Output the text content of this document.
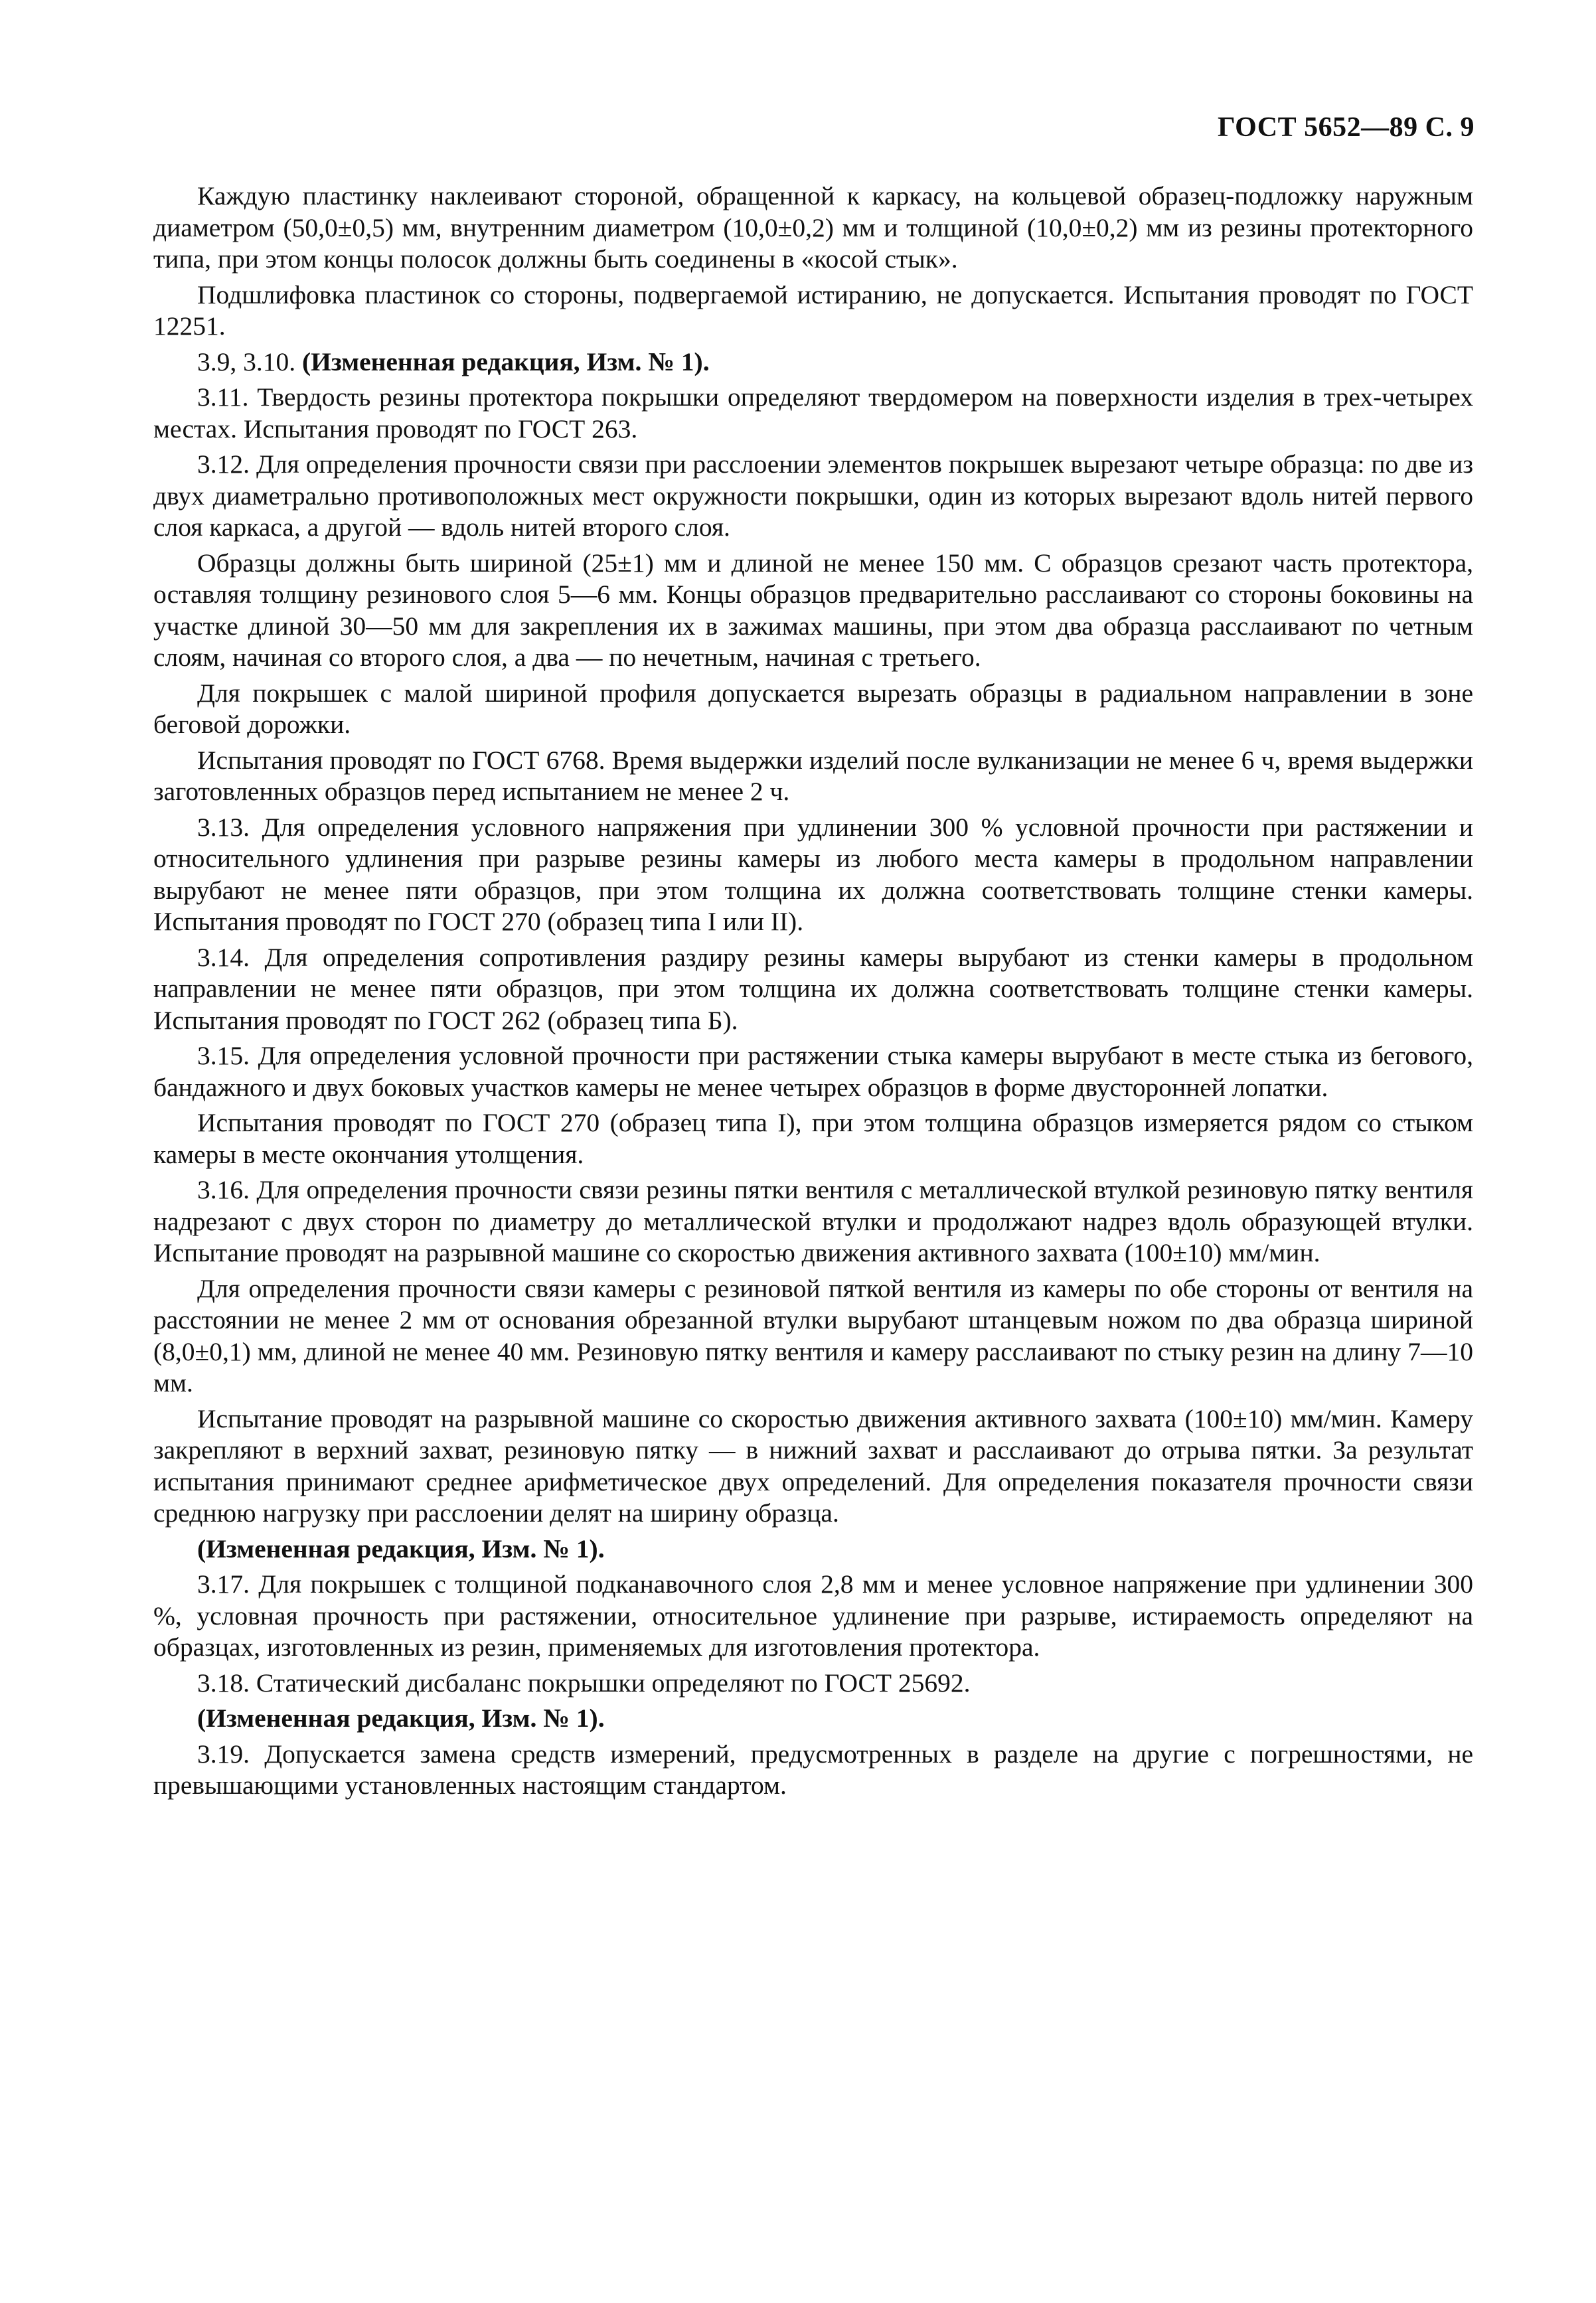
ГОСТ 5652—89 С. 9

Каждую пластинку наклеивают стороной, обращенной к каркасу, на кольцевой образец-подложку наружным диаметром (50,0±0,5) мм, внутренним диаметром (10,0±0,2) мм и толщиной (10,0±0,2) мм из резины протекторного типа, при этом концы полосок должны быть соединены в «косой стык».

Подшлифовка пластинок со стороны, подвергаемой истиранию, не допускается. Испытания проводят по ГОСТ 12251.

3.9, 3.10. (Измененная редакция, Изм. № 1).

3.11. Твердость резины протектора покрышки определяют твердомером на поверхности изделия в трех-четырех местах. Испытания проводят по ГОСТ 263.

3.12. Для определения прочности связи при расслоении элементов покрышек вырезают четыре образца: по две из двух диаметрально противоположных мест окружности покрышки, один из которых вырезают вдоль нитей первого слоя каркаса, а другой — вдоль нитей второго слоя.

Образцы должны быть шириной (25±1) мм и длиной не менее 150 мм. С образцов срезают часть протектора, оставляя толщину резинового слоя 5—6 мм. Концы образцов предварительно расслаивают со стороны боковины на участке длиной 30—50 мм для закрепления их в зажимах машины, при этом два образца расслаивают по четным слоям, начиная со второго слоя, а два — по нечетным, начиная с третьего.

Для покрышек с малой шириной профиля допускается вырезать образцы в радиальном направлении в зоне беговой дорожки.

Испытания проводят по ГОСТ 6768. Время выдержки изделий после вулканизации не менее 6 ч, время выдержки заготовленных образцов перед испытанием не менее 2 ч.

3.13. Для определения условного напряжения при удлинении 300 % условной прочности при растяжении и относительного удлинения при разрыве резины камеры из любого места камеры в продольном направлении вырубают не менее пяти образцов, при этом толщина их должна соответствовать толщине стенки камеры. Испытания проводят по ГОСТ 270 (образец типа I или II).

3.14. Для определения сопротивления раздиру резины камеры вырубают из стенки камеры в продольном направлении не менее пяти образцов, при этом толщина их должна соответствовать толщине стенки камеры. Испытания проводят по ГОСТ 262 (образец типа Б).

3.15. Для определения условной прочности при растяжении стыка камеры вырубают в месте стыка из бегового, бандажного и двух боковых участков камеры не менее четырех образцов в форме двусторонней лопатки.

Испытания проводят по ГОСТ 270 (образец типа I), при этом толщина образцов измеряется рядом со стыком камеры в месте окончания утолщения.

3.16. Для определения прочности связи резины пятки вентиля с металлической втулкой резиновую пятку вентиля надрезают с двух сторон по диаметру до металлической втулки и продолжают надрез вдоль образующей втулки. Испытание проводят на разрывной машине со скоростью движения активного захвата (100±10) мм/мин.

Для определения прочности связи камеры с резиновой пяткой вентиля из камеры по обе стороны от вентиля на расстоянии не менее 2 мм от основания обрезанной втулки вырубают штанцевым ножом по два образца шириной (8,0±0,1) мм, длиной не менее 40 мм. Резиновую пятку вентиля и камеру расслаивают по стыку резин на длину 7—10 мм.

Испытание проводят на разрывной машине со скоростью движения активного захвата (100±10) мм/мин. Камеру закрепляют в верхний захват, резиновую пятку — в нижний захват и расслаивают до отрыва пятки. За результат испытания принимают среднее арифметическое двух определений. Для определения показателя прочности связи среднюю нагрузку при расслоении делят на ширину образца.

(Измененная редакция, Изм. № 1).

3.17. Для покрышек с толщиной подканавочного слоя 2,8 мм и менее условное напряжение при удлинении 300 %, условная прочность при растяжении, относительное удлинение при разрыве, истираемость определяют на образцах, изготовленных из резин, применяемых для изготовления протектора.

3.18. Статический дисбаланс покрышки определяют по ГОСТ 25692.

(Измененная редакция, Изм. № 1).

3.19. Допускается замена средств измерений, предусмотренных в разделе на другие с погрешностями, не превышающими установленных настоящим стандартом.
